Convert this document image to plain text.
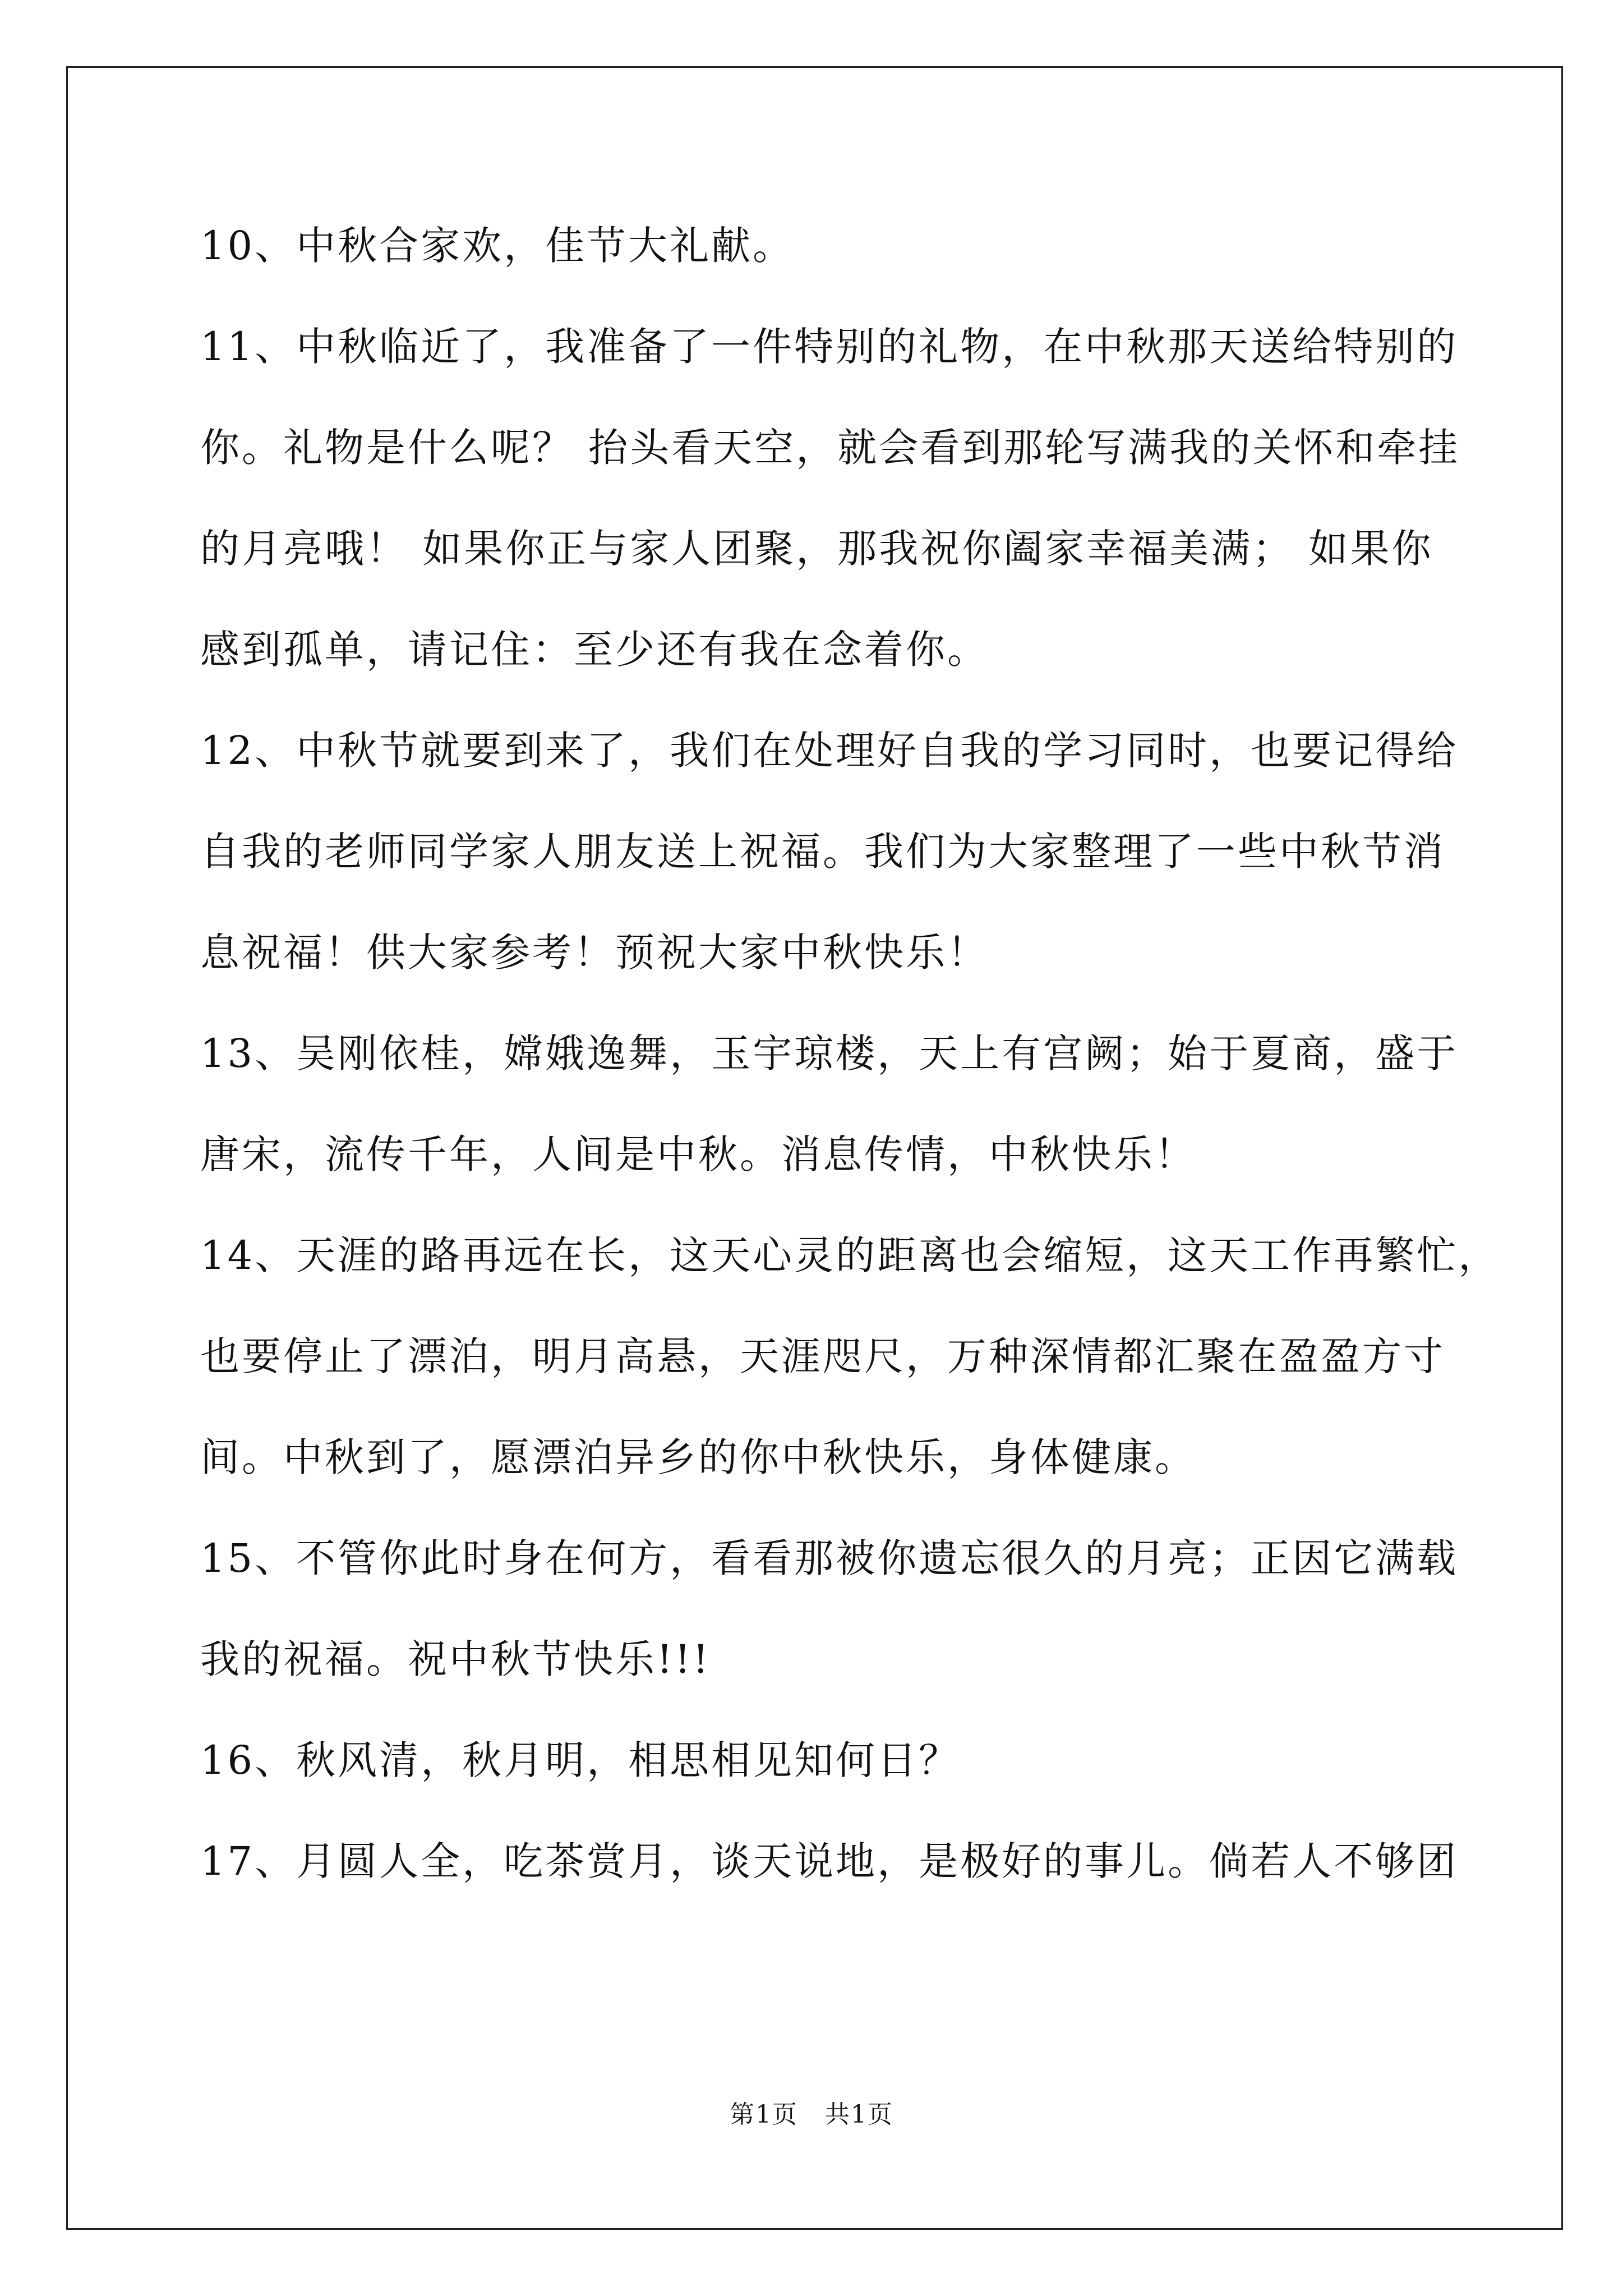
10、中秋合家欢，佳节大礼献。
11、中秋临近了，我准备了一件特别的礼物，在中秋那天送给特别的
你。礼物是什么呢？ 抬头看天空，就会看到那轮写满我的关怀和牵挂
的月亮哦！ 如果你正与家人团聚，那我祝你阖家幸福美满； 如果你
感到孤单，请记住：至少还有我在念着你。
12、中秋节就要到来了，我们在处理好自我的学习同时，也要记得给
自我的老师同学家人朋友送上祝福。我们为大家整理了一些中秋节消
息祝福！供大家参考！预祝大家中秋快乐！
13、吴刚依桂，嫦娥逸舞，玉宇琼楼，天上有宫阙；始于夏商，盛于
唐宋，流传千年，人间是中秋。消息传情，中秋快乐！
14、天涯的路再远在长，这天心灵的距离也会缩短，这天工作再繁忙，
也要停止了漂泊，明月高悬，天涯咫尺，万种深情都汇聚在盈盈方寸
间。中秋到了，愿漂泊异乡的你中秋快乐，身体健康。
15、不管你此时身在何方，看看那被你遗忘很久的月亮；正因它满载
我的祝福。祝中秋节快乐!!!
16、秋风清，秋月明，相思相见知何日？
17、月圆人全，吃茶赏月，谈天说地，是极好的事儿。倘若人不够团
第1页   共1页
